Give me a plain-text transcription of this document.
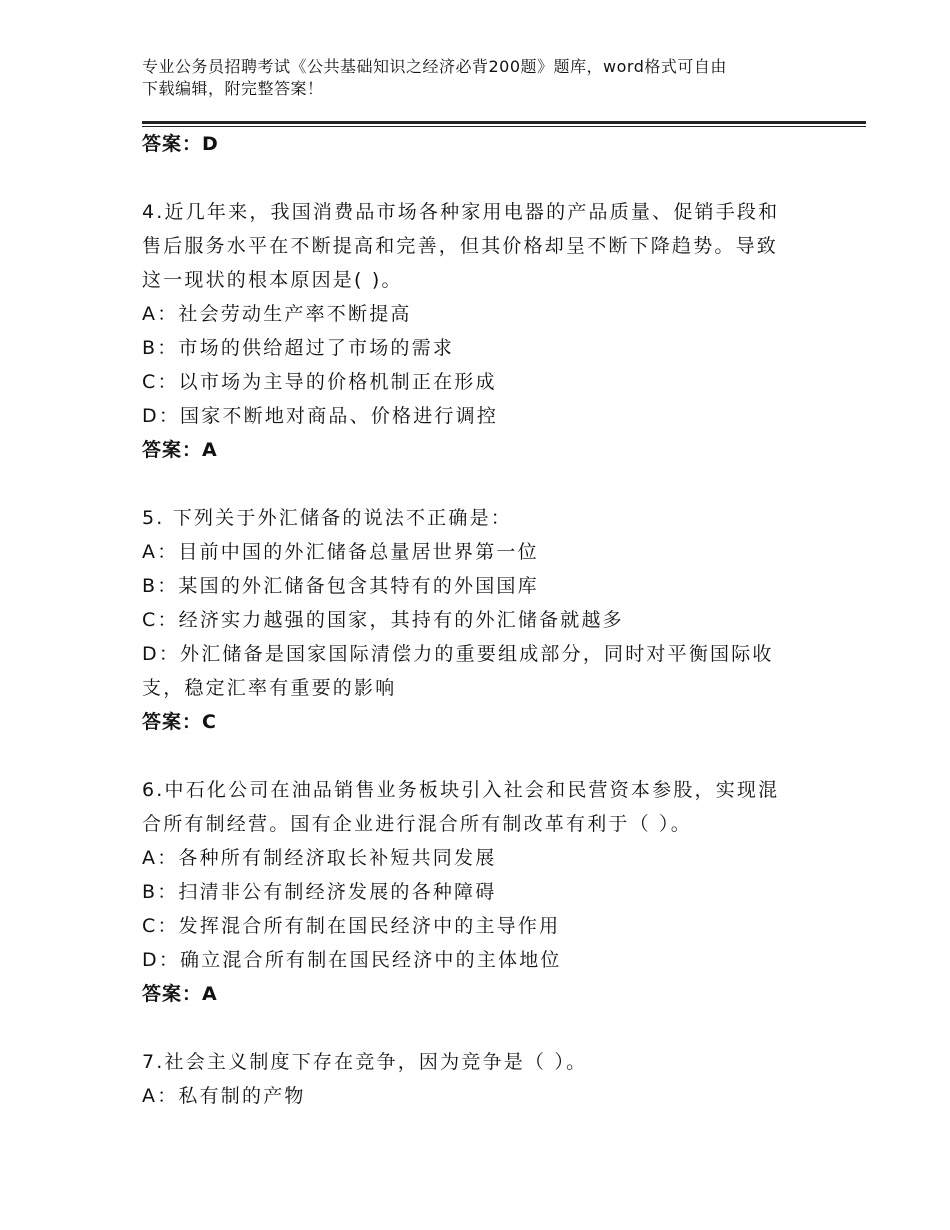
专业公务员招聘考试《公共基础知识之经济必背200题》题库，word格式可自由
下载编辑，附完整答案！

答案：D

4.近几年来，我国消费品市场各种家用电器的产品质量、促销手段和

售后服务水平在不断提高和完善，但其价格却呈不断下降趋势。导致

这一现状的根本原因是( )。

A：社会劳动生产率不断提高

B：市场的供给超过了市场的需求

C：以市场为主导的价格机制正在形成

D：国家不断地对商品、价格进行调控

答案：A

5. 下列关于外汇储备的说法不正确是：

A：目前中国的外汇储备总量居世界第一位

B：某国的外汇储备包含其特有的外国国库

C：经济实力越强的国家，其持有的外汇储备就越多

D：外汇储备是国家国际清偿力的重要组成部分，同时对平衡国际收

支，稳定汇率有重要的影响

答案：C

6.中石化公司在油品销售业务板块引入社会和民营资本参股，实现混

合所有制经营。国有企业进行混合所有制改革有利于（ ）。

A：各种所有制经济取长补短共同发展

B：扫清非公有制经济发展的各种障碍

C：发挥混合所有制在国民经济中的主导作用

D：确立混合所有制在国民经济中的主体地位

答案：A

7.社会主义制度下存在竞争，因为竞争是（ ）。

A：私有制的产物
